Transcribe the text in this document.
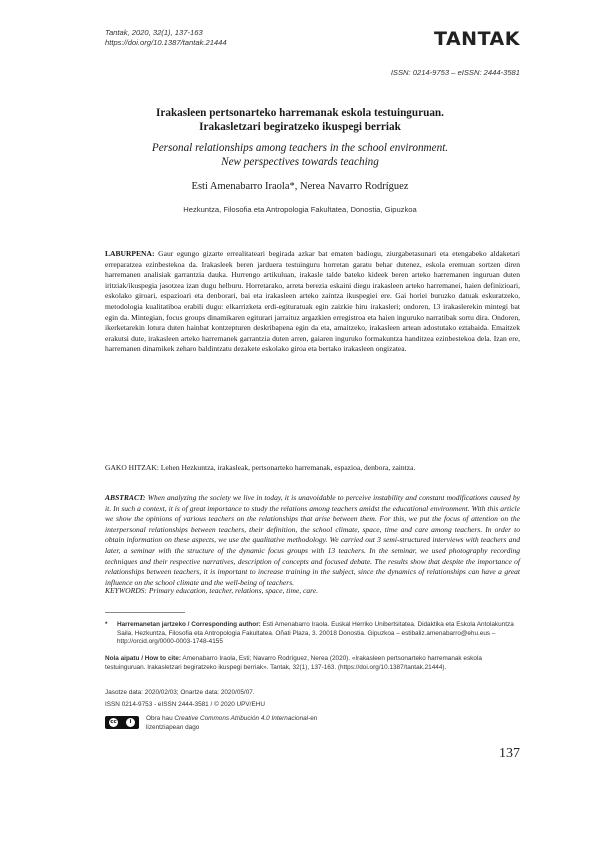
Tantak, 2020, 32(1), 137-163
https://doi.org/10.1387/tantak.21444	TANTAK
ISSN: 0214-9753 – eISSN: 2444-3581
Irakasleen pertsonarteko harremanak eskola testuinguruan.
Irakasletzari begiratzeko ikuspegi berriak
Personal relationships among teachers in the school environment.
New perspectives towards teaching
Esti Amenabarro Iraola*, Nerea Navarro Rodríguez
Hezkuntza, Filosofia eta Antropologia Fakultatea, Donostia, Gipuzkoa
LABURPENA: Gaur egungo gizarte errealitateari begirada azkar bat ematen badiogu, ziurgabetasunari eta etengabeko aldaketari erreparatzea ezinbestekoa da. Irakasleek beren jarduera testuinguru horretan garatu behar dutenez, eskola eremuan sortzen diren harremanen analisiak garrantzia dauka. Hurrengo artikuluan, irakasle talde bateko kideek beren arteko harremanen inguruan duten iritziak/ikuspegia jasotzea izan dugu helburu. Horretarako, arreta berezia eskaini diegu irakasleen arteko harremanei, haien definizioari, eskolako giroari, espazioari eta denborari, bai eta irakasleen arteko zaintza ikuspegiei ere. Gai horiei buruzko datuak eskuratzeko, metodologia kualitatiboa erabili dugu: elkarrizketa erdi-egituratuak egin zaizkie hiru irakasleri; ondoren, 13 irakaslerekin mintegi bat egin da. Mintegian, focus groups dinamikaren egiturari jarraituz argazkien erregistroa eta haien inguruko narratibak sortu dira. Ondoren, ikerketarekin lotura duten hainbat kontzepturen deskribapena egin da eta, amaitzeko, irakasleen artean adostutako eztabaida. Emaitzek erakutsi dute, irakasleen arteko harremanek garrantzia duten arren, gaiaren inguruko formakuntza handitzea ezinbestekoa dela. Izan ere, harremanen dinamikek zeharo baldintzatu dezakete eskolako giroa eta bertako irakasleen ongizatea.
GAKO HITZAK: Lehen Hezkuntza, irakasleak, pertsonarteko harremanak, espazioa, denbora, zaintza.
ABSTRACT: When analyzing the society we live in today, it is unavoidable to perceive instability and constant modifications caused by it. In such a context, it is of great importance to study the relations among teachers amidst the educational environment. With this article we show the opinions of various teachers on the relationships that arise between them. For this, we put the focus of attention on the interpersonal relationships between teachers, their definition, the school climate, space, time and care among teachers. In order to obtain information on these aspects, we use the qualitative methodology. We carried out 3 semi-structured interviews with teachers and later, a seminar with the structure of the dynamic focus groups with 13 teachers. In the seminar, we used photography recording techniques and their respective narratives, description of concepts and focused debate. The results show that despite the importance of relationships between teachers, it is important to increase training in the subject, since the dynamics of relationships can have a great influence on the school climate and the well-being of teachers.
KEYWORDS: Primary education, teacher, relations, space, time, care.
* Harremanetan jartzeko / Corresponding author: Esti Amenabarro Iraola. Euskal Herriko Unibertsitatea. Didaktika eta Eskola Antolakuntza Saila. Hezkuntza, Filosofia eta Antropologia Fakultatea. Oñati Plaza, 3. 20018 Donostia. Gipuzkoa – estibaliz.amenabarro@ehu.eus – http://orcid.org/0000-0003-1748-4155
Nola aipatu / How to cite: Amenabarro Iraola, Esti; Navarro Rodríguez, Nerea (2020). «Irakasleen pertsonarteko harremanak eskola testuinguruan. Irakasletzari begiratzeko ikuspegi berriak». Tantak, 32(1), 137-163. (https://doi.org/10.1387/tantak.21444).
Jasotze data: 2020/02/03; Onartze data: 2020/05/07.
ISSN 0214-9753 - eISSN 2444-3581 / © 2020 UPV/EHU
cc	i	Obra hau Creative Commons Atribución 4.0 Internacional-en
lizentziapean dago
137
